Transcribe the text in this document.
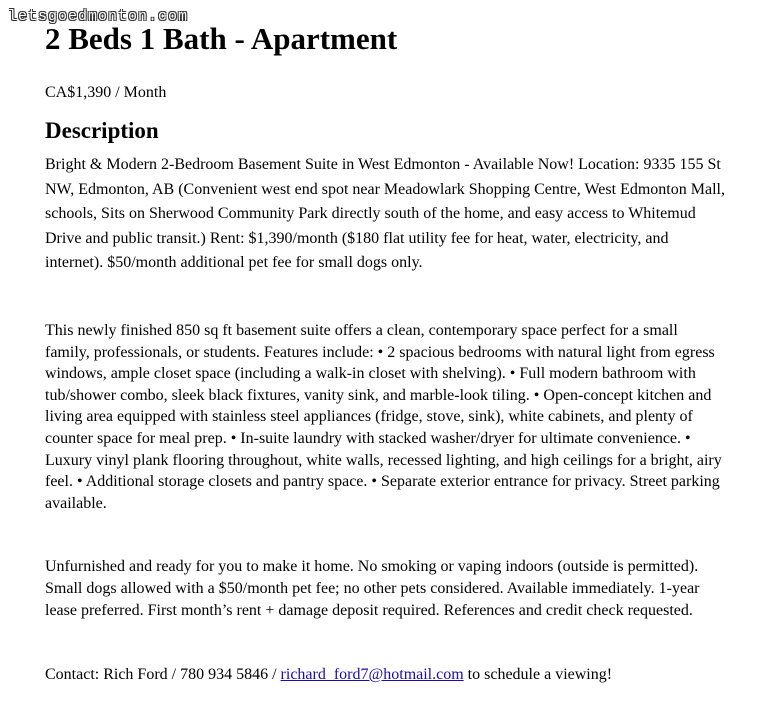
letsgoedmonton.com
2 Beds 1 Bath - Apartment
CA$1,390 / Month
Description

Bright & Modern 2-Bedroom Basement Suite in West Edmonton - Available Now! Location: 9335 155 St NW, Edmonton, AB (Convenient west end spot near Meadowlark Shopping Centre, West Edmonton Mall, schools, Sits on Sherwood Community Park directly south of the home, and easy access to Whitemud Drive and public transit.) Rent: $1,390/month ($180 flat utility fee for heat, water, electricity, and internet). $50/month additional pet fee for small dogs only.

This newly finished 850 sq ft basement suite offers a clean, contemporary space perfect for a small family, professionals, or students. Features include: • 2 spacious bedrooms with natural light from egress windows, ample closet space (including a walk-in closet with shelving). • Full modern bathroom with tub/shower combo, sleek black fixtures, vanity sink, and marble-look tiling. • Open-concept kitchen and living area equipped with stainless steel appliances (fridge, stove, sink), white cabinets, and plenty of counter space for meal prep. • In-suite laundry with stacked washer/dryer for ultimate convenience. • Luxury vinyl plank flooring throughout, white walls, recessed lighting, and high ceilings for a bright, airy feel. • Additional storage closets and pantry space. • Separate exterior entrance for privacy. Street parking available.

Unfurnished and ready for you to make it home. No smoking or vaping indoors (outside is permitted). Small dogs allowed with a $50/month pet fee; no other pets considered. Available immediately. 1-year lease preferred. First month’s rent + damage deposit required. References and credit check requested.

Contact: Rich Ford / 780 934 5846 / richard_ford7@hotmail.com to schedule a viewing!
